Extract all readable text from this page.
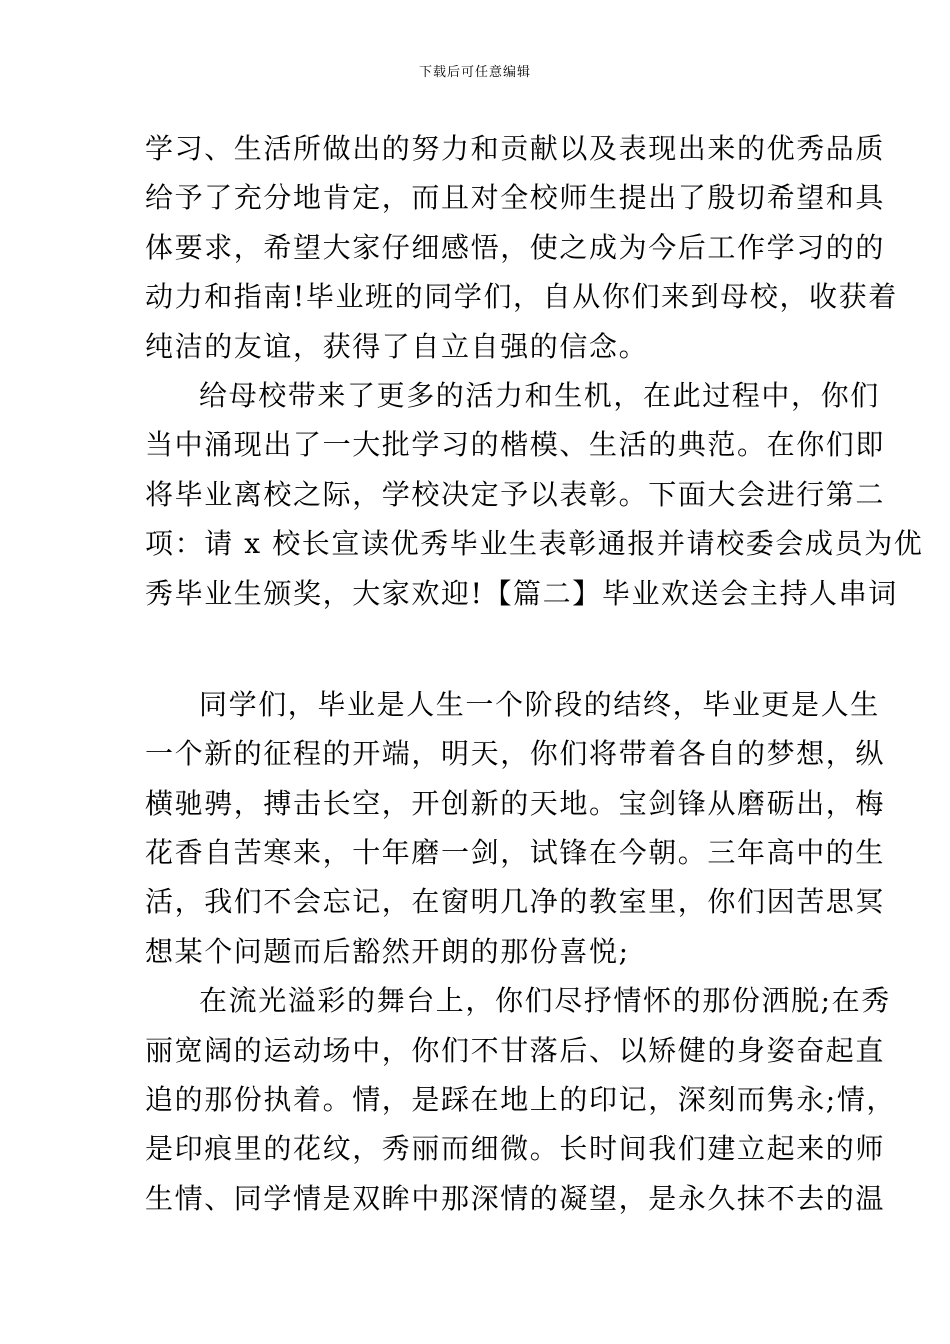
下载后可任意编辑
学习、生活所做出的努力和贡献以及表现出来的优秀品质
给予了充分地肯定，而且对全校师生提出了殷切希望和具
体要求，希望大家仔细感悟，使之成为今后工作学习的的
动力和指南!毕业班的同学们，自从你们来到母校，收获着
纯洁的友谊，获得了自立自强的信念。
给母校带来了更多的活力和生机，在此过程中，你们
当中涌现出了一大批学习的楷模、生活的典范。在你们即
将毕业离校之际，学校决定予以表彰。下面大会进行第二
项：请 x 校长宣读优秀毕业生表彰通报并请校委会成员为优
秀毕业生颁奖，大家欢迎!【篇二】毕业欢送会主持人串词
同学们，毕业是人生一个阶段的结终，毕业更是人生
一个新的征程的开端，明天，你们将带着各自的梦想，纵
横驰骋，搏击长空，开创新的天地。宝剑锋从磨砺出，梅
花香自苦寒来，十年磨一剑，试锋在今朝。三年高中的生
活，我们不会忘记，在窗明几净的教室里，你们因苦思冥
想某个问题而后豁然开朗的那份喜悦;
在流光溢彩的舞台上，你们尽抒情怀的那份洒脱;在秀
丽宽阔的运动场中，你们不甘落后、以矫健的身姿奋起直
追的那份执着。情，是踩在地上的印记，深刻而隽永;情，
是印痕里的花纹，秀丽而细微。长时间我们建立起来的师
生情、同学情是双眸中那深情的凝望，是永久抹不去的温
